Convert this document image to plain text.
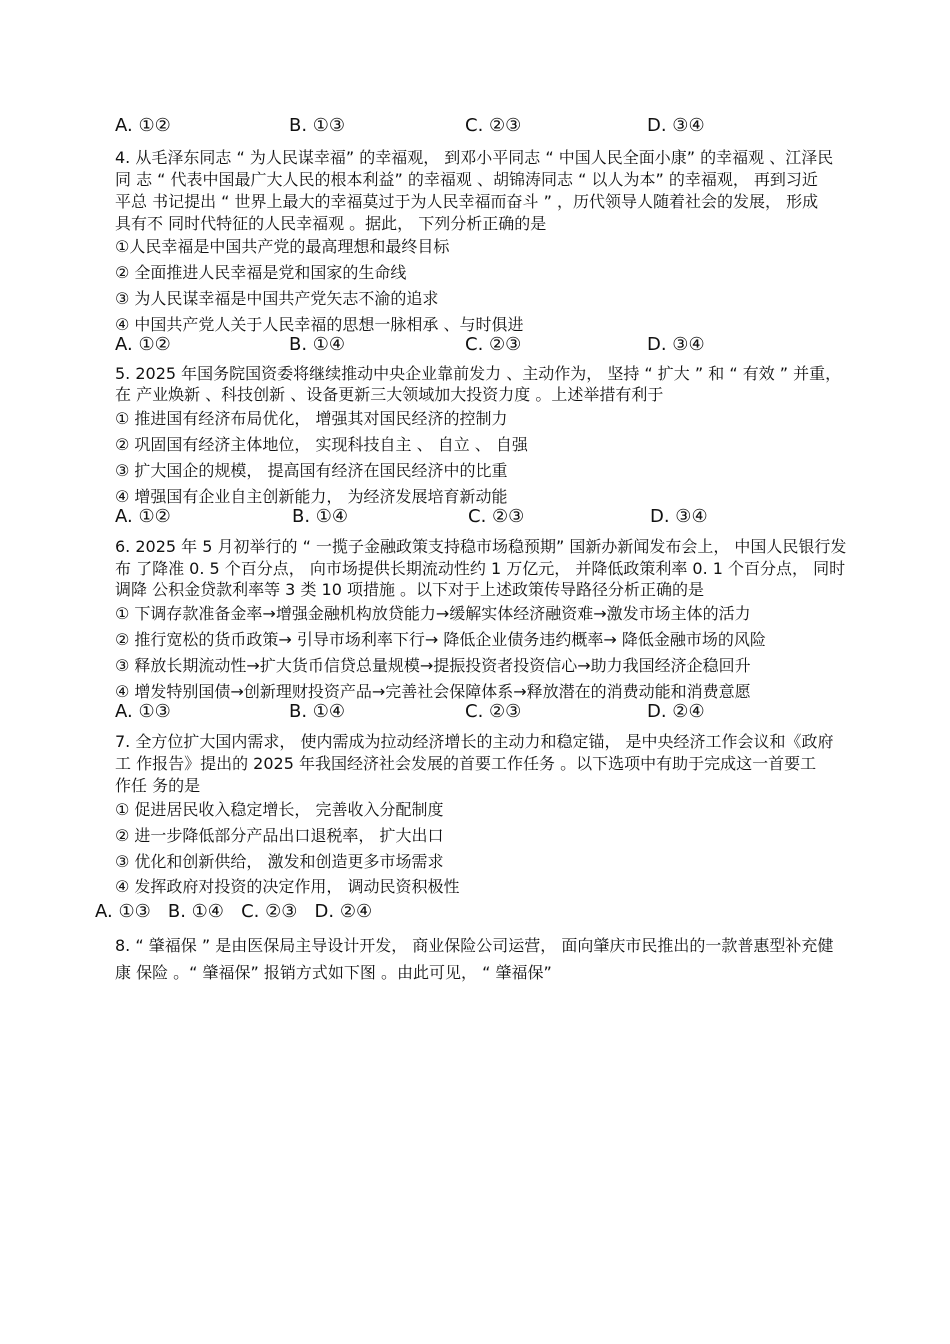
A. ①②	B. ①③	C. ②③	D. ③④
4. 从毛泽东同志 “ 为人民谋幸福” 的幸福观， 到邓小平同志 “ 中国人民全面小康” 的幸福观 、江泽民
同 志 “ 代表中国最广大人民的根本利益” 的幸福观 、胡锦涛同志 “ 以人为本” 的幸福观， 再到习近
平总 书记提出 “ 世界上最大的幸福莫过于为人民幸福而奋斗 ” ，历代领导人随着社会的发展， 形成
具有不 同时代特征的人民幸福观 。据此， 下列分析正确的是
①人民幸福是中国共产党的最高理想和最终目标
② 全面推进人民幸福是党和国家的生命线
③ 为人民谋幸福是中国共产党矢志不渝的追求
④ 中国共产党人关于人民幸福的思想一脉相承 、与时俱进
A. ①②	B. ①④	C. ②③	D. ③④
5. 2025 年国务院国资委将继续推动中央企业靠前发力 、主动作为， 坚持 “ 扩大 ” 和 “ 有效 ” 并重，
在 产业焕新 、科技创新 、设备更新三大领域加大投资力度 。上述举措有利于
① 推进国有经济布局优化， 增强其对国民经济的控制力
② 巩固国有经济主体地位， 实现科技自主 、 自立 、 自强
③ 扩大国企的规模， 提高国有经济在国民经济中的比重
④ 增强国有企业自主创新能力， 为经济发展培育新动能
A. ①②	B. ①④	C. ②③	D. ③④
6. 2025 年 5 月初举行的 “ 一揽子金融政策支持稳市场稳预期” 国新办新闻发布会上， 中国人民银行发
布 了降准 0. 5 个百分点， 向市场提供长期流动性约 1 万亿元， 并降低政策利率 0. 1 个百分点， 同时
调降 公积金贷款利率等 3 类 10 项措施 。以下对于上述政策传导路径分析正确的是
① 下调存款准备金率→增强金融机构放贷能力→缓解实体经济融资难→激发市场主体的活力
② 推行宽松的货币政策→ 引导市场利率下行→ 降低企业债务违约概率→ 降低金融市场的风险
③ 释放长期流动性→扩大货币信贷总量规模→提振投资者投资信心→助力我国经济企稳回升
④ 增发特别国债→创新理财投资产品→完善社会保障体系→释放潜在的消费动能和消费意愿
A. ①③	B. ①④	C. ②③	D. ②④
7. 全方位扩大国内需求， 使内需成为拉动经济增长的主动力和稳定锚， 是中央经济工作会议和《政府
工 作报告》提出的 2025 年我国经济社会发展的首要工作任务 。以下选项中有助于完成这一首要工
作任 务的是
① 促进居民收入稳定增长， 完善收入分配制度
② 进一步降低部分产品出口退税率， 扩大出口
③ 优化和创新供给， 激发和创造更多市场需求
④ 发挥政府对投资的决定作用， 调动民资积极性
A. ①③   B. ①④   C. ②③   D. ②④
8. “ 肇福保 ” 是由医保局主导设计开发， 商业保险公司运营， 面向肇庆市民推出的一款普惠型补充健
康 保险 。“ 肇福保” 报销方式如下图 。由此可见， “ 肇福保”
